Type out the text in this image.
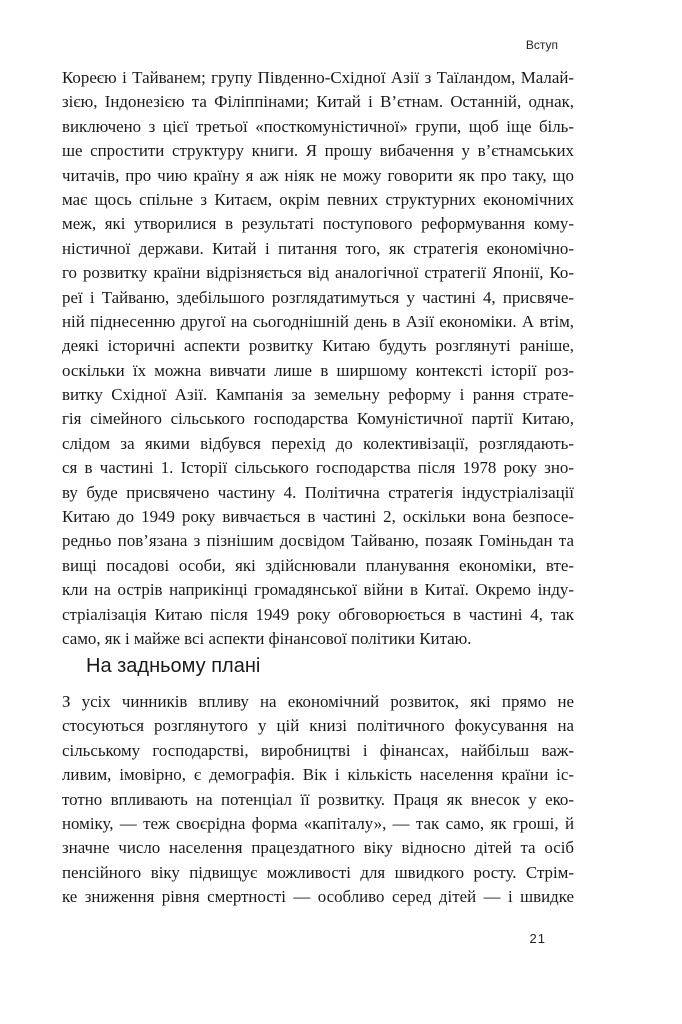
Вступ
Кореєю і Тайванем; групу Південно-Східної Азії з Таїландом, Малай-
зією, Індонезією та Філіппінами; Китай і В’єтнам. Останній, однак,
виключено з цієї третьої «посткомуністичної» групи, щоб іще біль-
ше спростити структуру книги. Я прошу вибачення у в’єтнамських
читачів, про чию країну я аж ніяк не можу говорити як про таку, що
має щось спільне з Китаєм, окрім певних структурних економічних
меж, які утворилися в результаті поступового реформування кому-
ністичної держави. Китай і питання того, як стратегія економічно-
го розвитку країни відрізняється від аналогічної стратегії Японії, Ко-
реї і Тайваню, здебільшого розглядатимуться у частині 4, присвяче-
ній піднесенню другої на сьогоднішній день в Азії економіки. А втім,
деякі історичні аспекти розвитку Китаю будуть розглянуті раніше,
оскільки їх можна вивчати лише в ширшому контексті історії роз-
витку Східної Азії. Кампанія за земельну реформу і рання страте-
гія сімейного сільського господарства Комуністичної партії Китаю,
слідом за якими відбувся перехід до колективізації, розглядають-
ся в частині 1. Історії сільського господарства після 1978 року зно-
ву буде присвячено частину 4. Політична стратегія індустріалізації
Китаю до 1949 року вивчається в частині 2, оскільки вона безпосе-
редньо пов’язана з пізнішим досвідом Тайваню, позаяк Гоміньдан та
вищі посадові особи, які здійснювали планування економіки, вте-
кли на острів наприкінці громадянської війни в Китаї. Окремо інду-
стріалізація Китаю після 1949 року обговорюється в частині 4, так
само, як і майже всі аспекти фінансової політики Китаю.
На задньому плані
З усіх чинників впливу на економічний розвиток, які прямо не
стосуються розглянутого у цій книзі політичного фокусування на
сільському господарстві, виробництві і фінансах, найбільш важ-
ливим, імовірно, є демографія. Вік і кількість населення країни іс-
тотно впливають на потенціал її розвитку. Праця як внесок у еко-
номіку, — теж своєрідна форма «капіталу», — так само, як гроші, й
значне число населення працездатного віку відносно дітей та осіб
пенсійного віку підвищує можливості для швидкого росту. Стрім-
ке зниження рівня смертності — особливо серед дітей — і швидке
21
